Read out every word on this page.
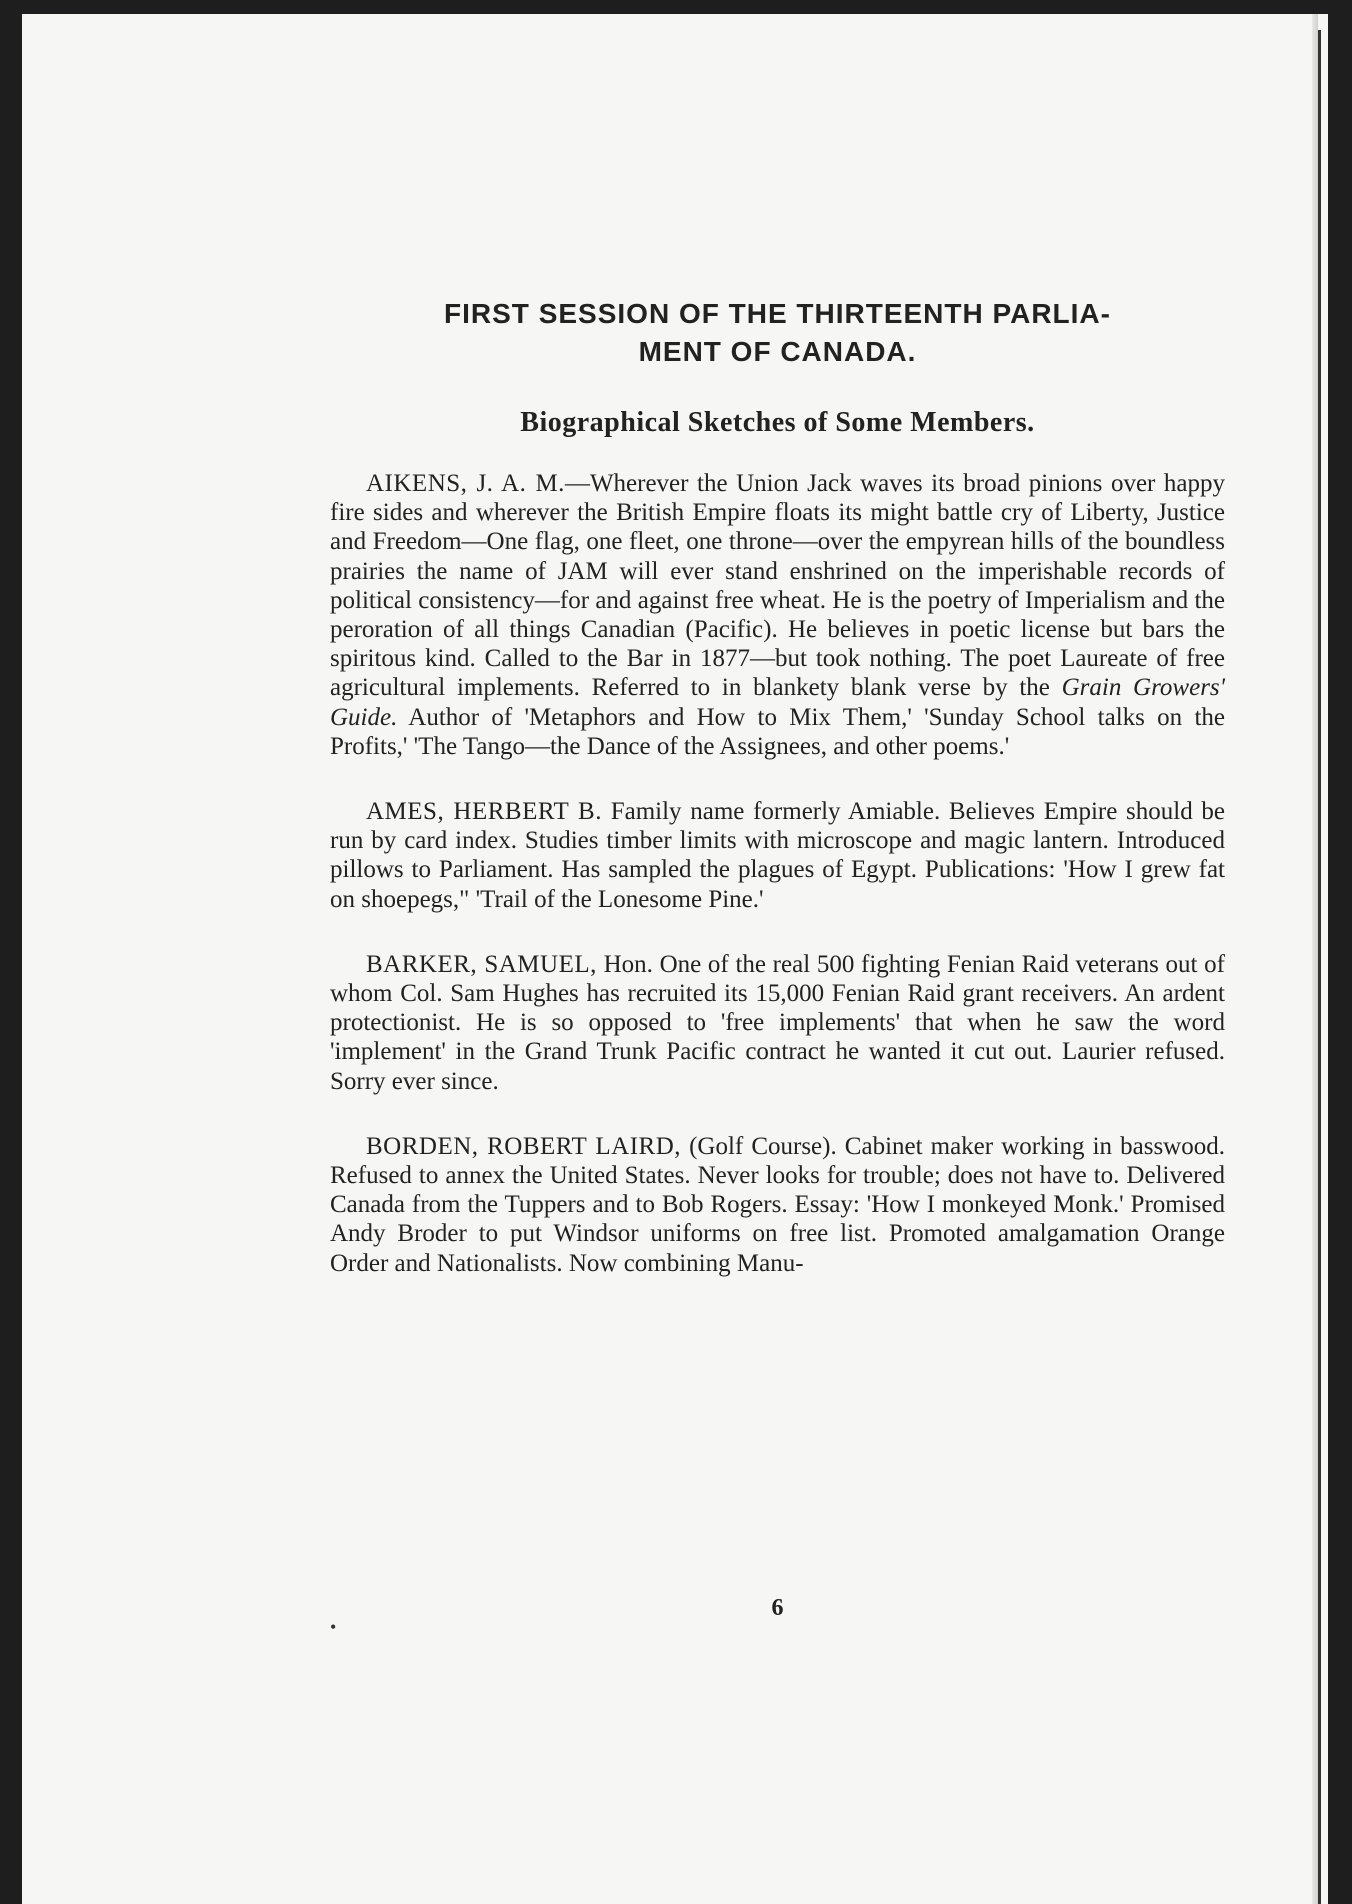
FIRST SESSION OF THE THIRTEENTH PARLIA-
MENT OF CANADA.
Biographical Sketches of Some Members.

AIKENS, J. A. M.—Wherever the Union Jack waves its broad pinions over happy fire sides and wherever the British Empire floats its might battle cry of Liberty, Justice and Freedom—One flag, one fleet, one throne—over the empyrean hills of the boundless prairies the name of JAM will ever stand enshrined on the imperishable records of political consistency—for and against free wheat. He is the poetry of Imperialism and the peroration of all things Canadian (Pacific). He believes in poetic license but bars the spiritous kind. Called to the Bar in 1877—but took nothing. The poet Laureate of free agricultural implements. Referred to in blankety blank verse by the Grain Growers' Guide. Author of 'Metaphors and How to Mix Them,' 'Sunday School talks on the Profits,' 'The Tango—the Dance of the Assignees, and other poems.'

AMES, HERBERT B. Family name formerly Amiable. Believes Empire should be run by card index. Studies timber limits with microscope and magic lantern. Introduced pillows to Parliament. Has sampled the plagues of Egypt. Publications: 'How I grew fat on shoepegs," 'Trail of the Lonesome Pine.'

BARKER, SAMUEL, Hon. One of the real 500 fighting Fenian Raid veterans out of whom Col. Sam Hughes has recruited its 15,000 Fenian Raid grant receivers. An ardent protectionist. He is so opposed to 'free implements' that when he saw the word 'implement' in the Grand Trunk Pacific contract he wanted it cut out. Laurier refused. Sorry ever since.

BORDEN, ROBERT LAIRD, (Golf Course). Cabinet maker working in basswood. Refused to annex the United States. Never looks for trouble; does not have to. Delivered Canada from the Tuppers and to Bob Rogers. Essay: 'How I monkeyed Monk.' Promised Andy Broder to put Windsor uniforms on free list. Promoted amalgamation Orange Order and Nationalists. Now combining Manu-

6
•
